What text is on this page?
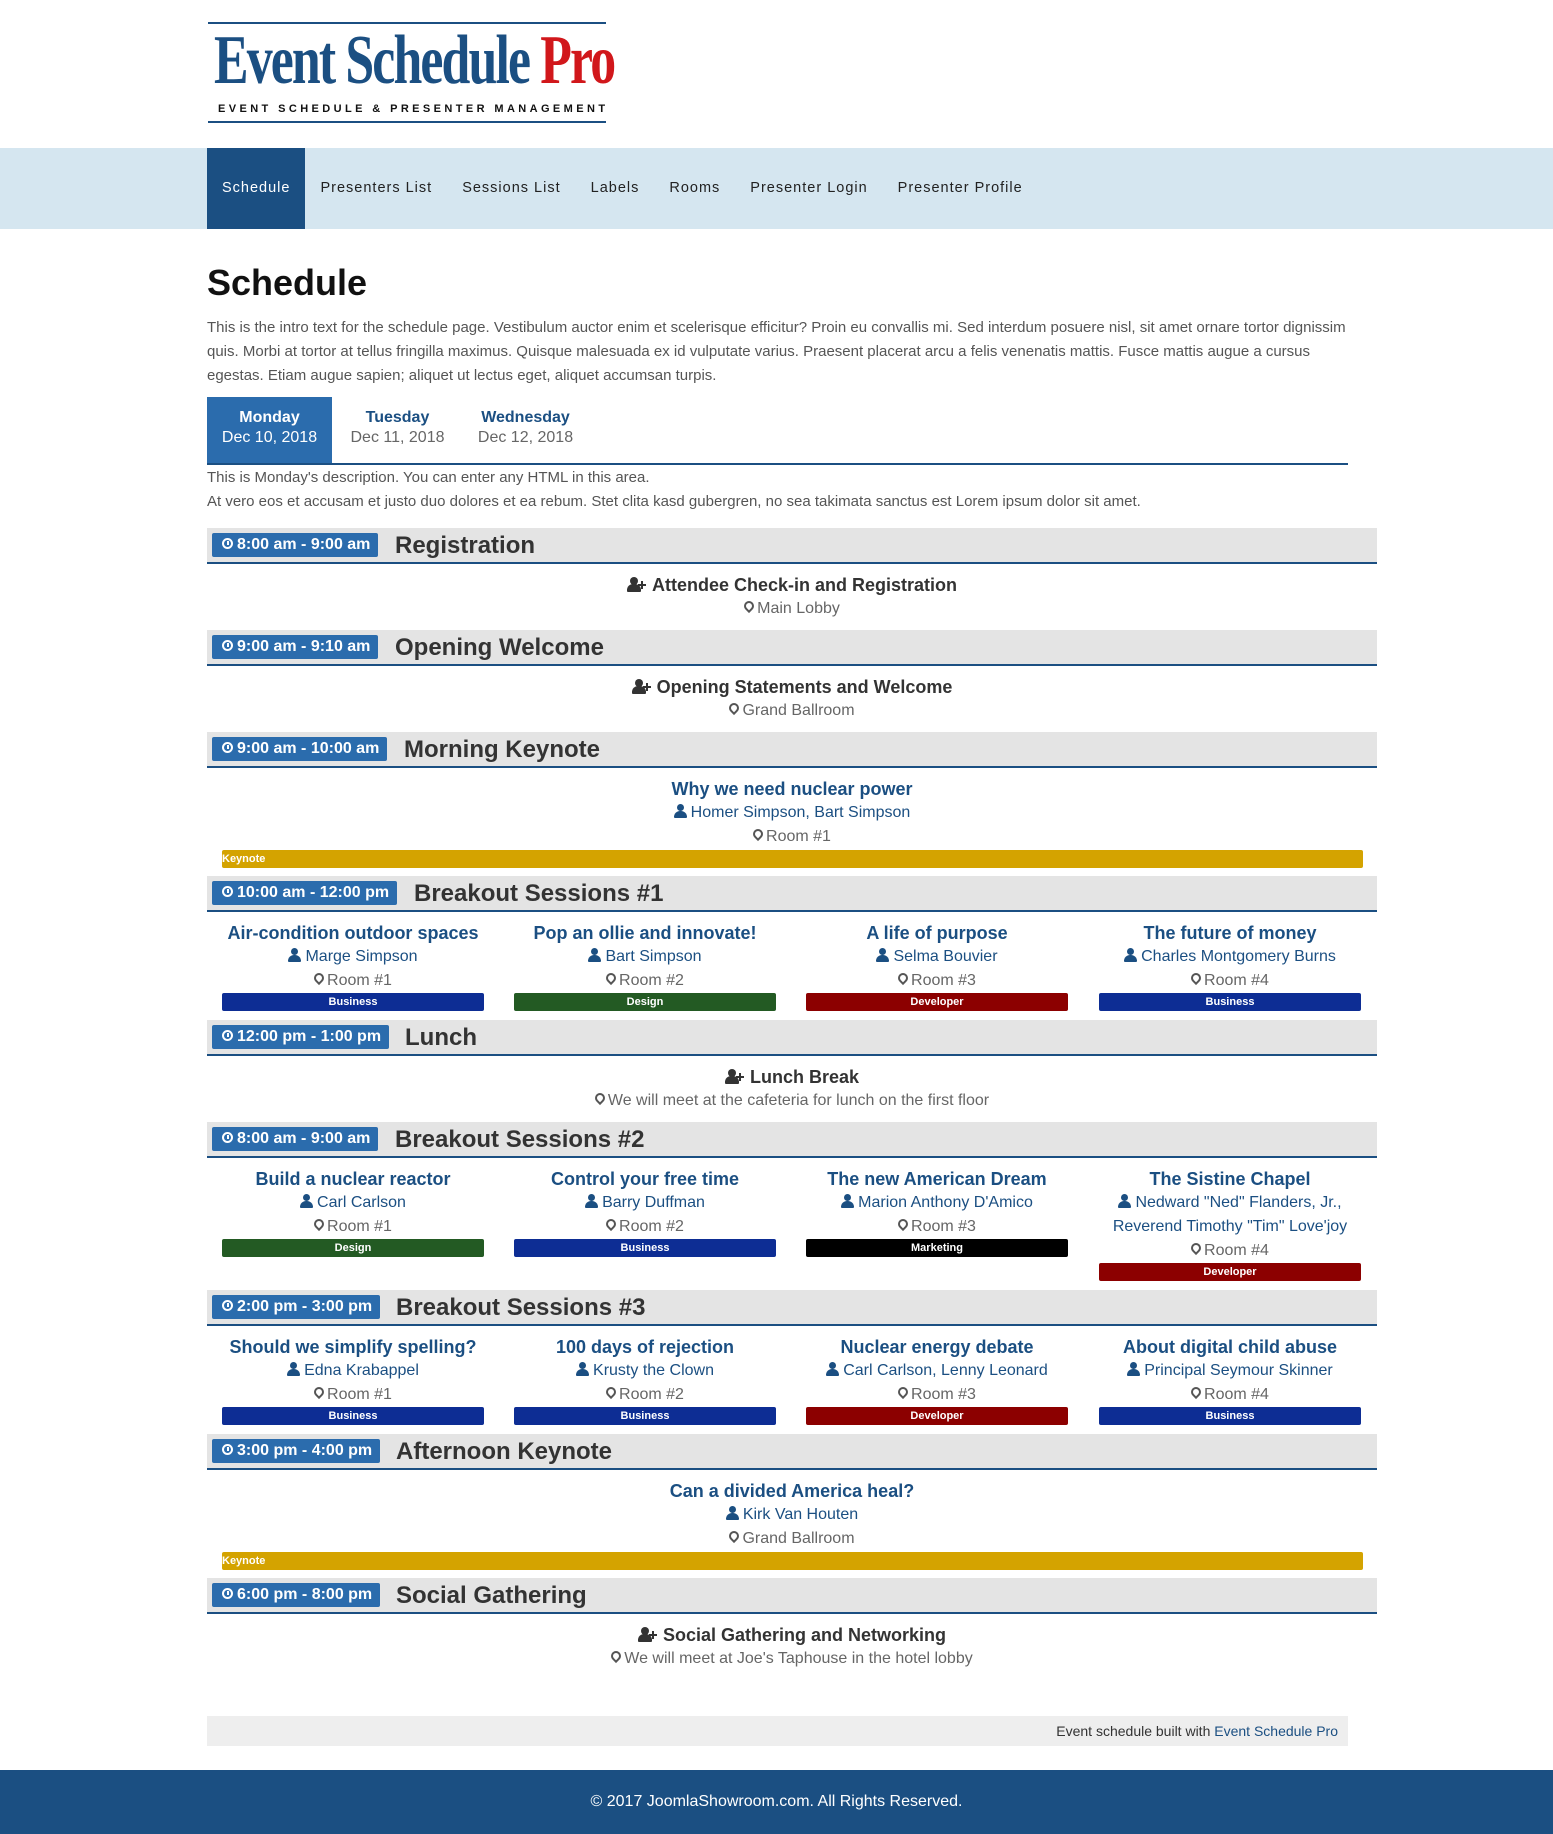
Event Schedule Pro
EVENT SCHEDULE & PRESENTER MANAGEMENT
Schedule	Presenters List	Sessions List	Labels	Rooms	Presenter Login	Presenter Profile
Schedule
This is the intro text for the schedule page. Vestibulum auctor enim et scelerisque efficitur? Proin eu convallis mi. Sed interdum posuere nisl, sit amet ornare tortor dignissim quis. Morbi at tortor at tellus fringilla maximus. Quisque malesuada ex id vulputate varius. Praesent placerat arcu a felis venenatis mattis. Fusce mattis augue a cursus egestas. Etiam augue sapien; aliquet ut lectus eget, aliquet accumsan turpis.
Monday
Dec 10, 2018
Tuesday
Dec 11, 2018
Wednesday
Dec 12, 2018
This is Monday's description. You can enter any HTML in this area.
At vero eos et accusam et justo duo dolores et ea rebum. Stet clita kasd gubergren, no sea takimata sanctus est Lorem ipsum dolor sit amet.
8:00 am - 9:00 am	Registration
Attendee Check-in and Registration
Main Lobby
9:00 am - 9:10 am	Opening Welcome
Opening Statements and Welcome
Grand Ballroom
9:00 am - 10:00 am	Morning Keynote
Why we need nuclear power
Homer Simpson, Bart Simpson
Room #1
Keynote
10:00 am - 12:00 pm	Breakout Sessions #1
Air-condition outdoor spaces
Marge Simpson
Room #1
Business
Pop an ollie and innovate!
Bart Simpson
Room #2
Design
A life of purpose
Selma Bouvier
Room #3
Developer
The future of money
Charles Montgomery Burns
Room #4
Business
12:00 pm - 1:00 pm Lunch
Lunch Break
We will meet at the cafeteria for lunch on the first floor
8:00 am - 9:00 am	Breakout Sessions #2
Build a nuclear reactor
Carl Carlson
Room #1
Design
Control your free time
Barry Duffman
Room #2
Business
The new American Dream
Marion Anthony D'Amico
Room #3
Marketing
The Sistine Chapel
Nedward "Ned" Flanders, Jr., Reverend Timothy "Tim" Love'joy
Room #4
Developer
2:00 pm - 3:00 pm Breakout Sessions #3
Should we simplify spelling?
Edna Krabappel
Room #1
Business
100 days of rejection
Krusty the Clown
Room #2
Business
Nuclear energy debate
Carl Carlson, Lenny Leonard
Room #3
Developer
About digital child abuse
Principal Seymour Skinner
Room #4
Business
3:00 pm - 4:00 pm Afternoon Keynote
Can a divided America heal?
Kirk Van Houten
Grand Ballroom
Keynote
6:00 pm - 8:00 pm Social Gathering
Social Gathering and Networking
We will meet at Joe's Taphouse in the hotel lobby
Event schedule built with Event Schedule Pro
© 2017 JoomlaShowroom.com. All Rights Reserved.
